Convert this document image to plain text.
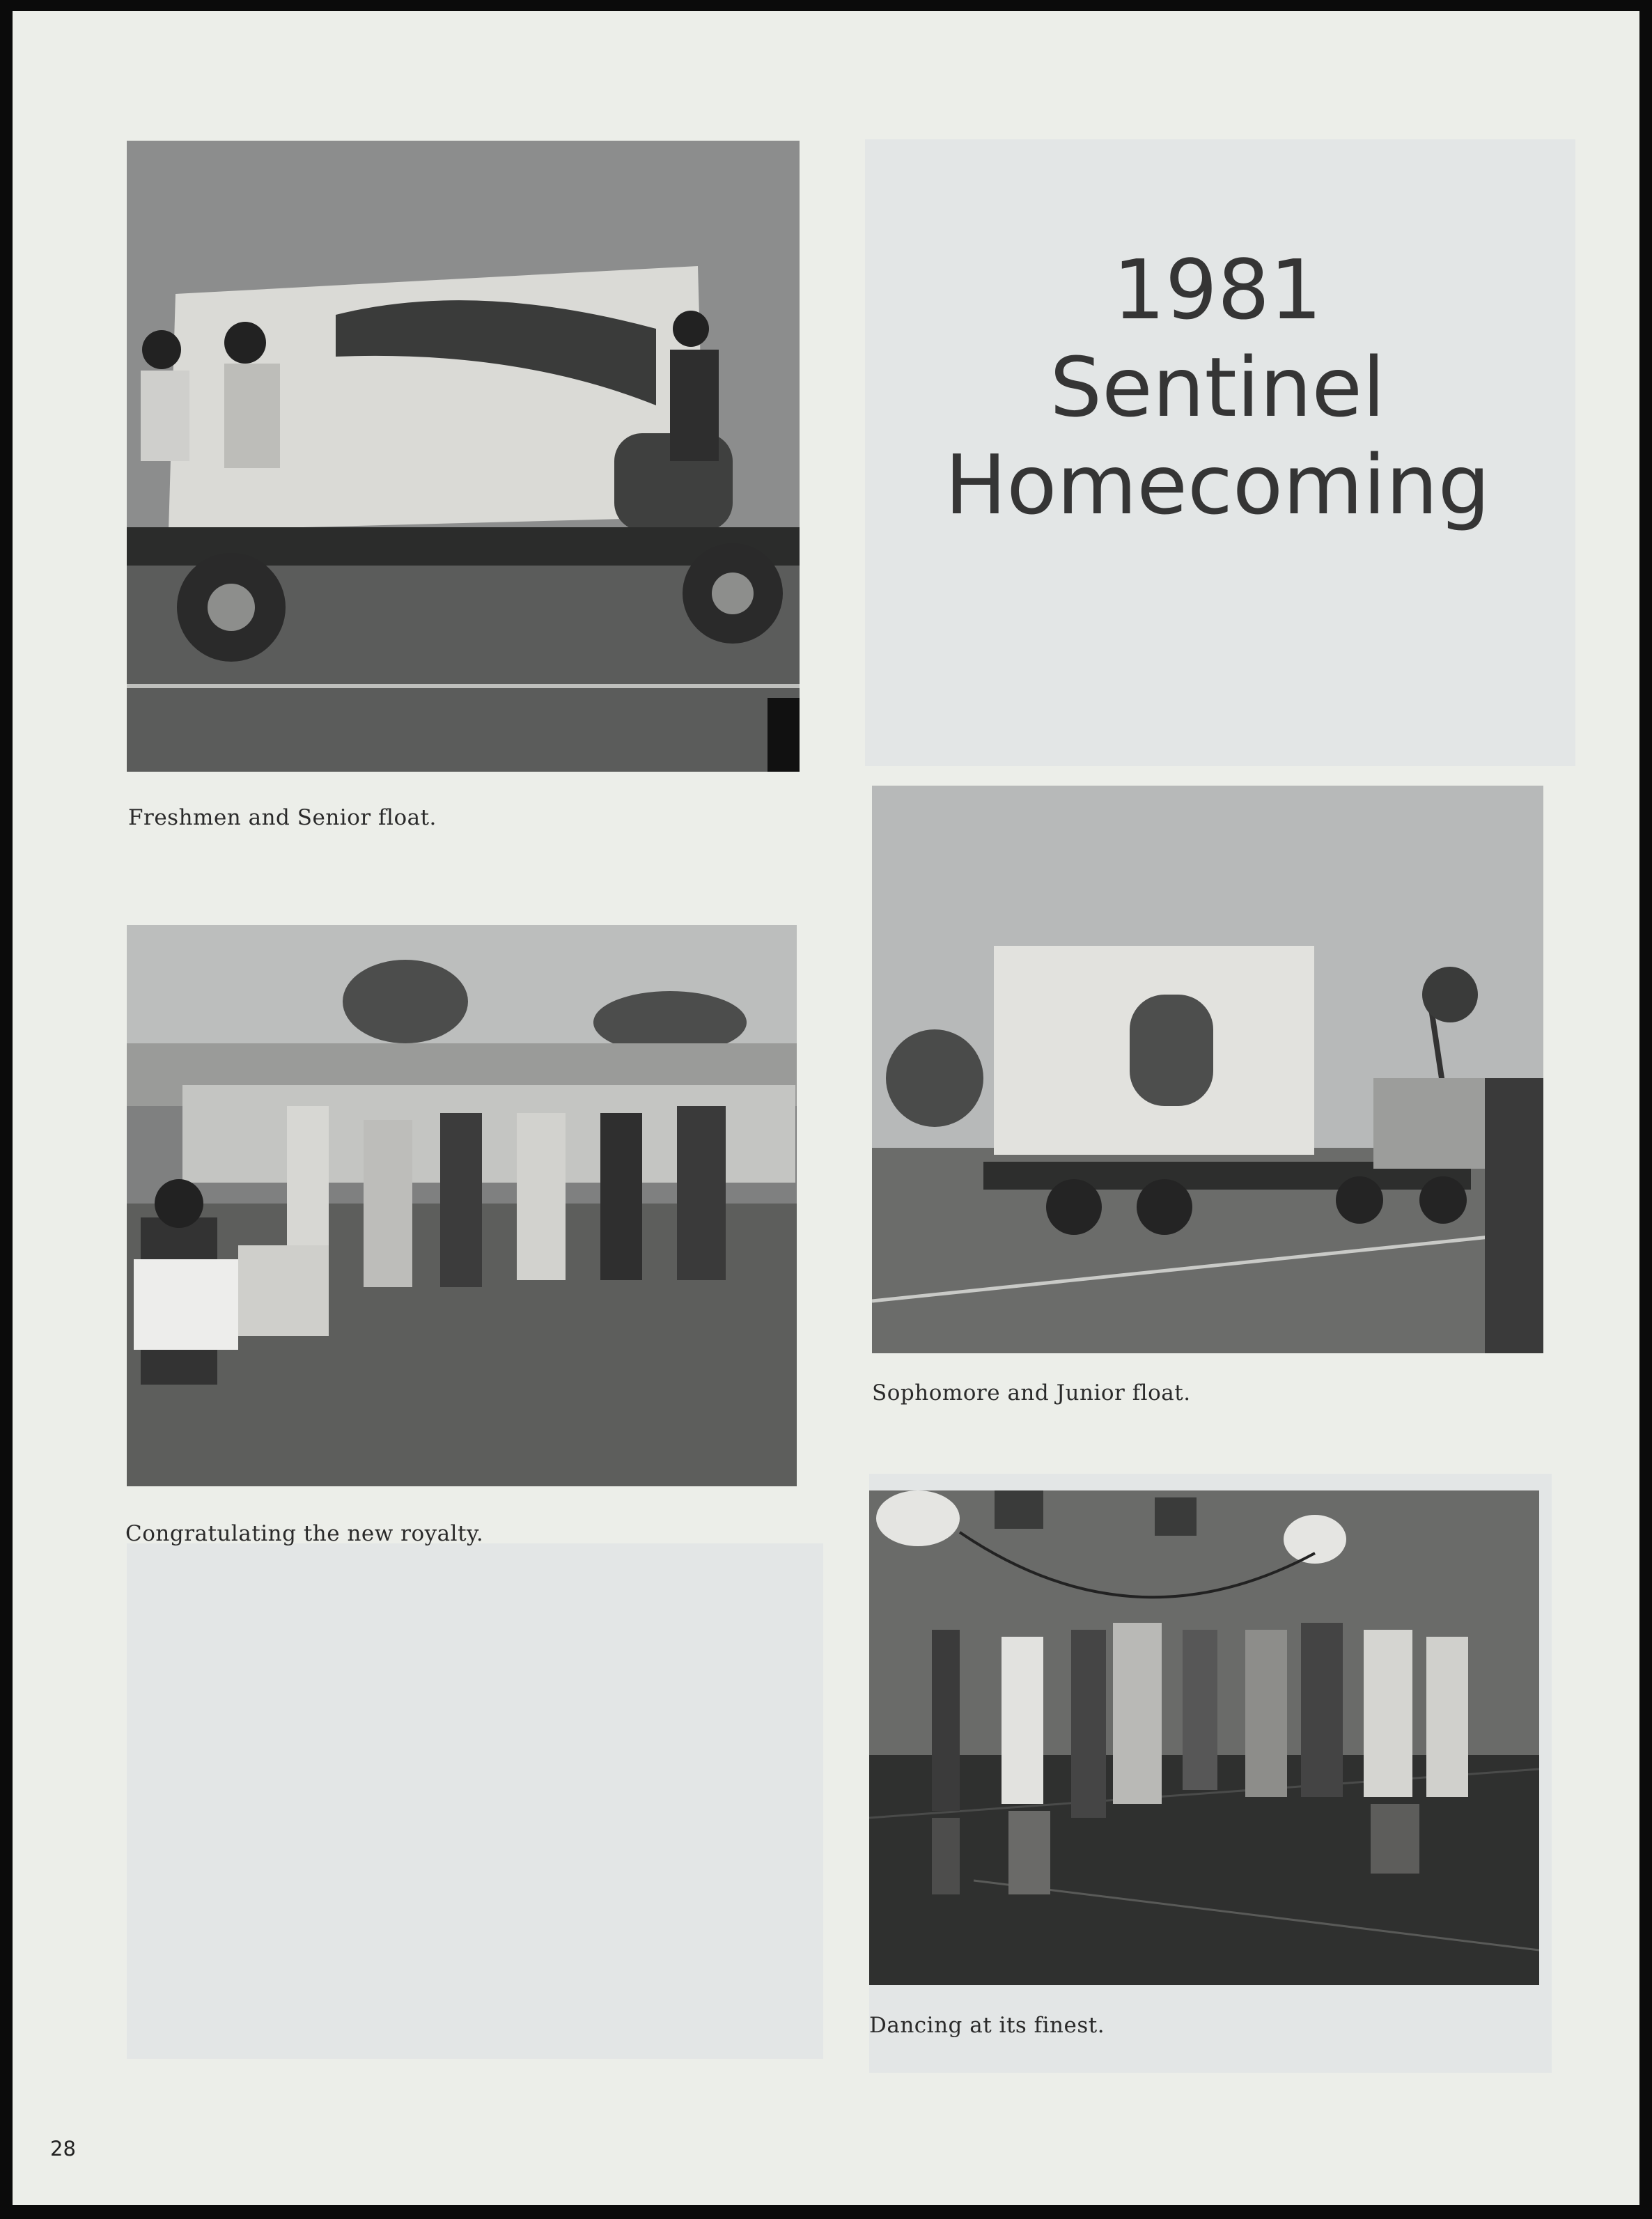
1981
Sentinel
Homecoming
Freshmen and Senior float.
Sophomore and Junior float.
Congratulating the new royalty.
Dancing at its finest.
28
